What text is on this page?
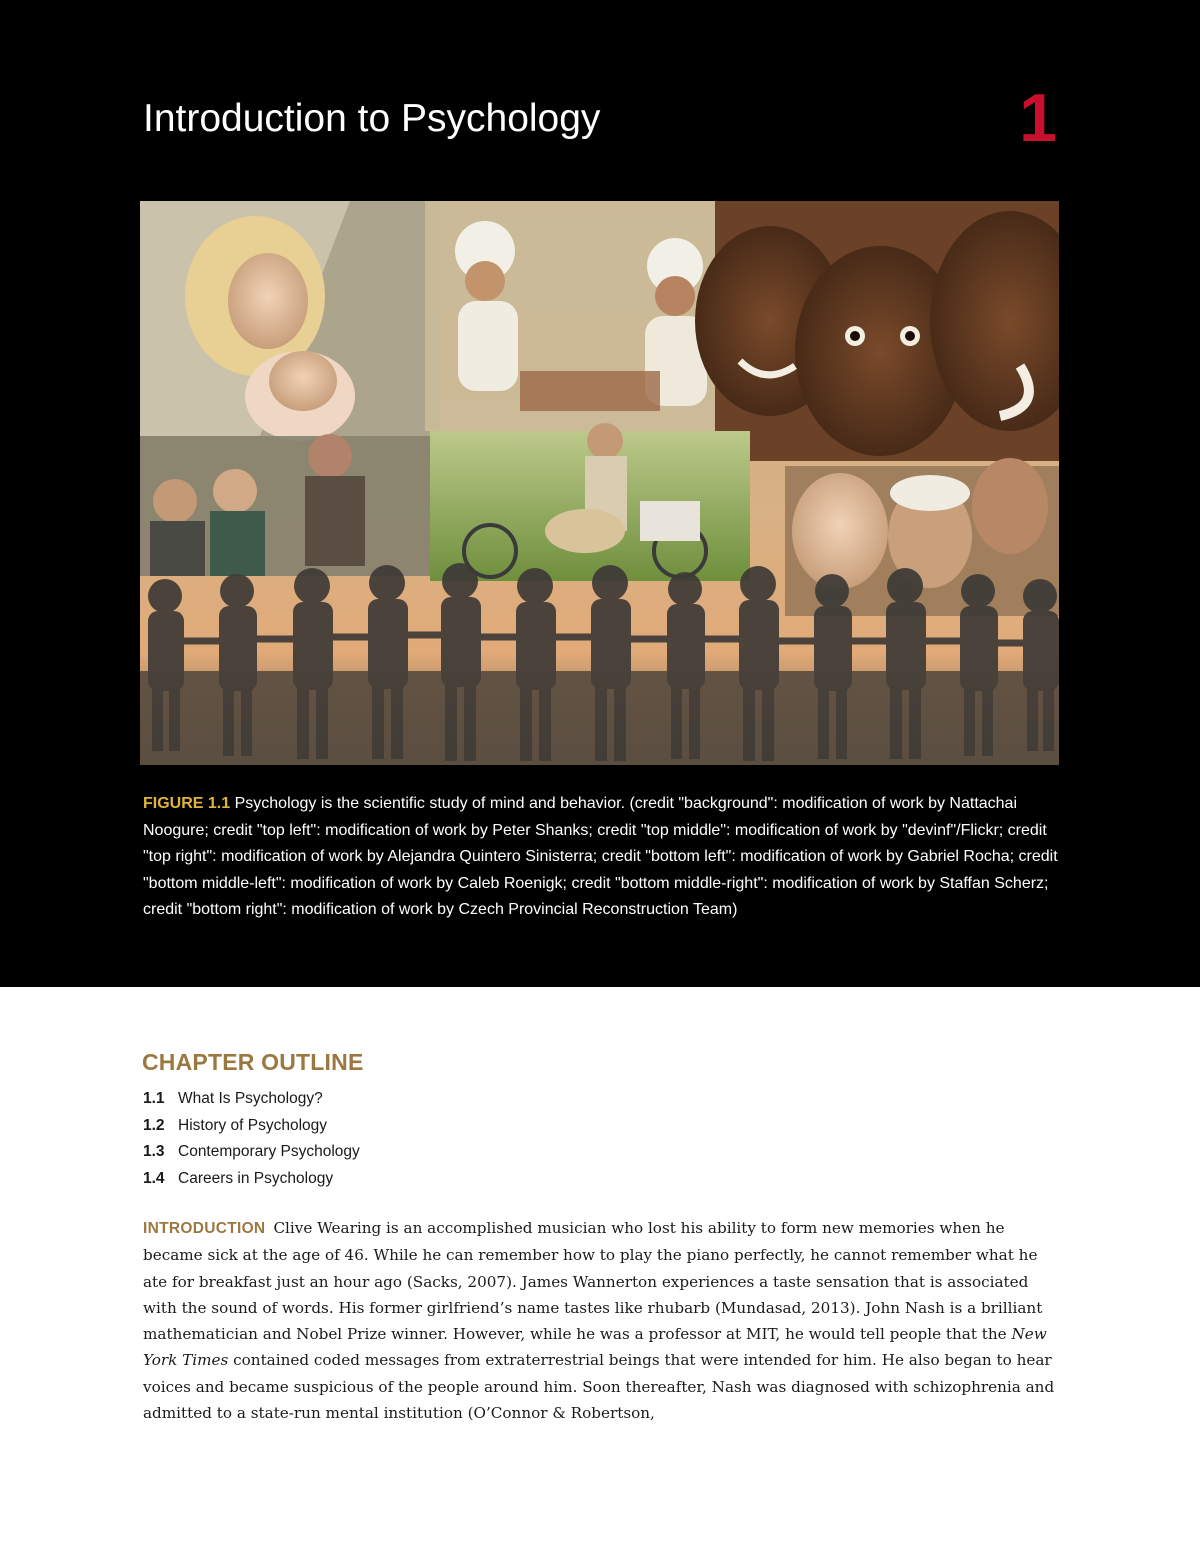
Introduction to Psychology	1

FIGURE 1.1 Psychology is the scientific study of mind and behavior. (credit "background": modification of work by Nattachai Noogure; credit "top left": modification of work by Peter Shanks; credit "top middle": modification of work by "devinf"/Flickr; credit "top right": modification of work by Alejandra Quintero Sinisterra; credit "bottom left": modification of work by Gabriel Rocha; credit "bottom middle-left": modification of work by Caleb Roenigk; credit "bottom middle-right": modification of work by Staffan Scherz; credit "bottom right": modification of work by Czech Provincial Reconstruction Team)

CHAPTER OUTLINE
1.1 What Is Psychology?
1.2 History of Psychology
1.3 Contemporary Psychology
1.4 Careers in Psychology

INTRODUCTION Clive Wearing is an accomplished musician who lost his ability to form new memories when he became sick at the age of 46. While he can remember how to play the piano perfectly, he cannot remember what he ate for breakfast just an hour ago (Sacks, 2007). James Wannerton experiences a taste sensation that is associated with the sound of words. His former girlfriend’s name tastes like rhubarb (Mundasad, 2013). John Nash is a brilliant mathematician and Nobel Prize winner. However, while he was a professor at MIT, he would tell people that the New York Times contained coded messages from extraterrestrial beings that were intended for him. He also began to hear voices and became suspicious of the people around him. Soon thereafter, Nash was diagnosed with schizophrenia and admitted to a state-run mental institution (O’Connor & Robertson,
